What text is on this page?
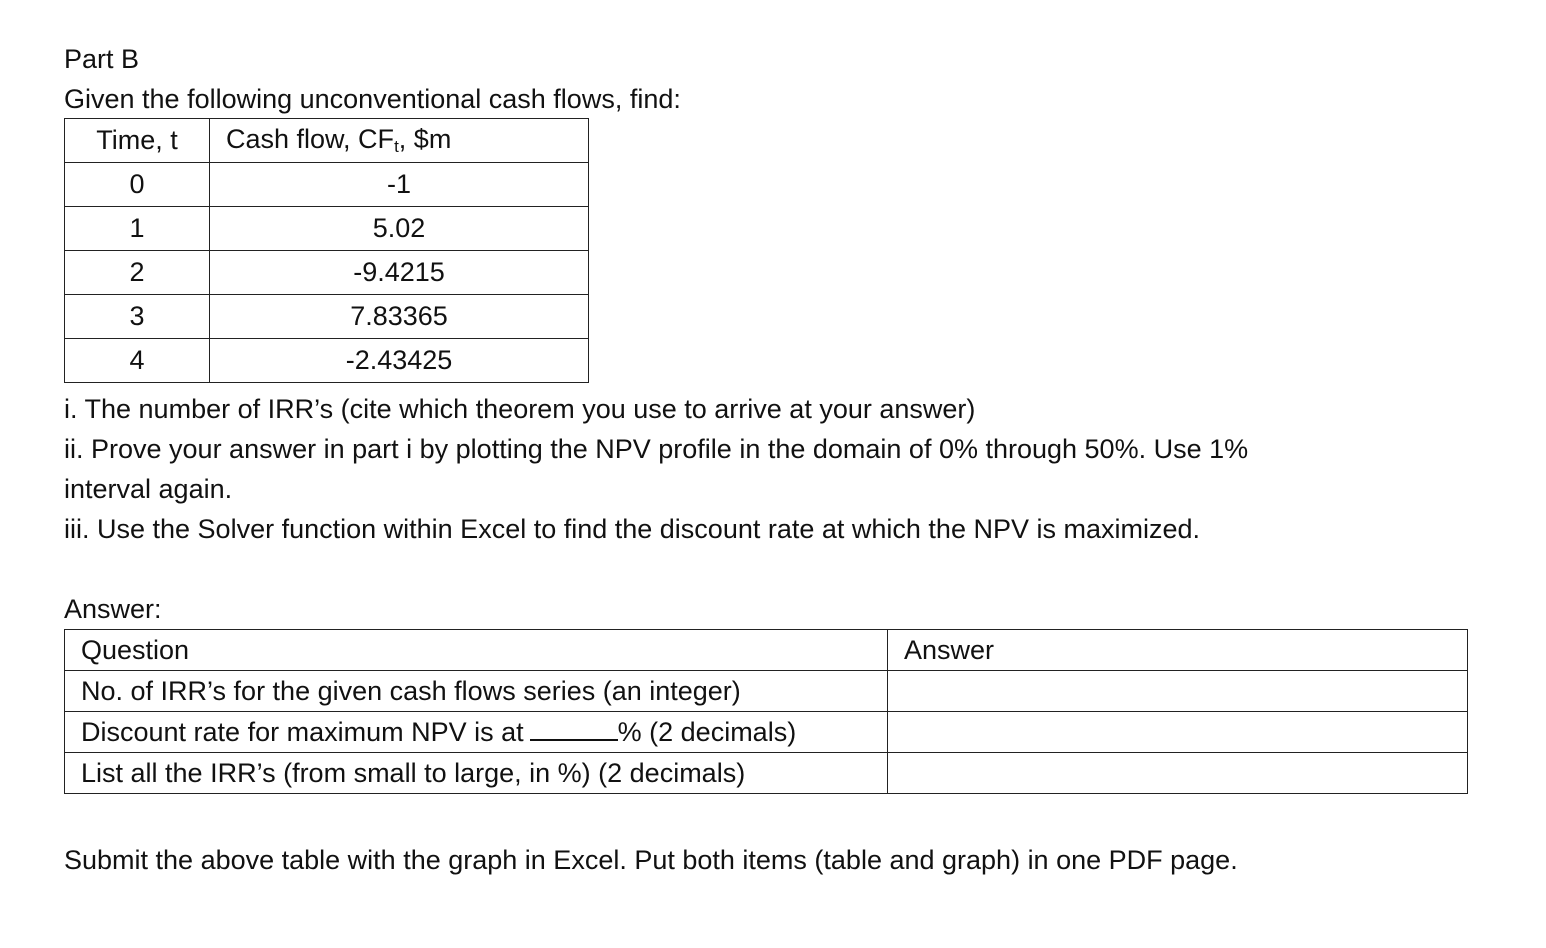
Part B
Given the following unconventional cash flows, find:
Time, t	Cash flow, $CF_t$, $m
0	-1
1	5.02
2	-9.4215
3	7.83365
4	-2.43425
i. The number of IRR’s (cite which theorem you use to arrive at your answer)
ii. Prove your answer in part i by plotting the NPV profile in the domain of 0% through 50%. Use 1%
interval again.
iii. Use the Solver function within Excel to find the discount rate at which the NPV is maximized.
Answer:
Question	Answer
No. of IRR’s for the given cash flows series (an integer)	
Discount rate for maximum NPV is at % (2 decimals)	
List all the IRR’s (from small to large, in %) (2 decimals)	
Submit the above table with the graph in Excel. Put both items (table and graph) in one PDF page.
